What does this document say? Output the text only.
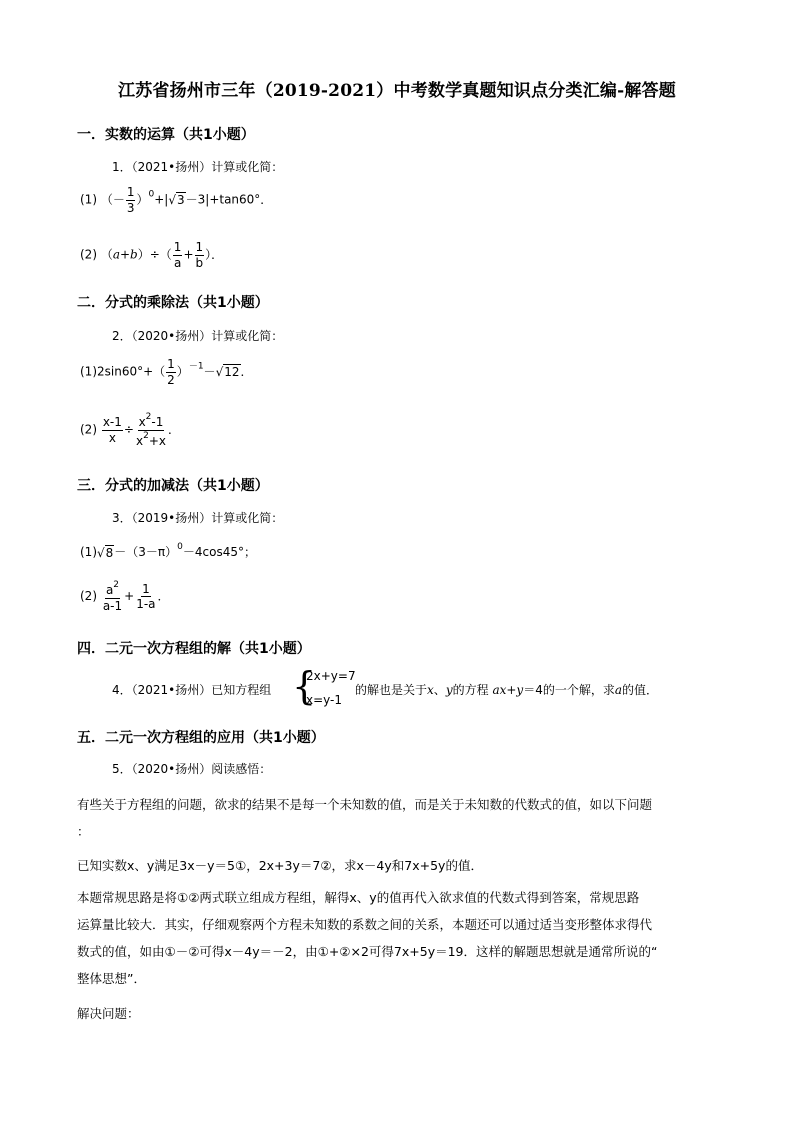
江苏省扬州市三年（2019-2021）中考数学真题知识点分类汇编-解答题
一．实数的运算（共1小题）
1．（2021•扬州）计算或化简：
(1) （－ $\frac{1}{3} )^0+|√3-3|+\tan 60^\circ$．
(2) $(a+b)\div( \frac{1}{a} + \frac{1}{b}$ ）．
二．分式的乘除法（共1小题）
2．（2020•扬州）计算或化简：
$(1)2\sin 60^\circ+( \frac{1}{2} )^{-1}-√12$．
$(2) \frac{x-1}{x} \div \frac{x^2-1}{x^2+x}$ ．
三．分式的加减法（共1小题）
3．（2019•扬州）计算或化简：
$(1)√8-(3-\pi)^0-4\cos 45^\circ$；
$(2) \frac{a^2}{a-1} + \frac{1}{1-a}$ ．
四．二元一次方程组的解（共1小题）
4．（2021•扬州）已知方程组 {
2x+y=7
x=y-1
的解也是关于x、y的方程 ax+y＝4的一个解，求a的值．
五．二元一次方程组的应用（共1小题）
5．（2020•扬州）阅读感悟：
有些关于方程组的问题，欲求的结果不是每一个未知数的值，而是关于未知数的代数式的值，如以下问题
：
已知实数x、y满足3x－y＝5①，2x+3y＝7②，求x－4y和7x+5y的值．
本题常规思路是将①②两式联立组成方程组，解得x、y的值再代入欲求值的代数式得到答案，常规思路
运算量比较大．其实，仔细观察两个方程未知数的系数之间的关系，本题还可以通过适当变形整体求得代
数式的值，如由①－②可得x－4y＝－2，由①+②×2可得7x+5y＝19．这样的解题思想就是通常所说的“
整体思想”．
解决问题：
